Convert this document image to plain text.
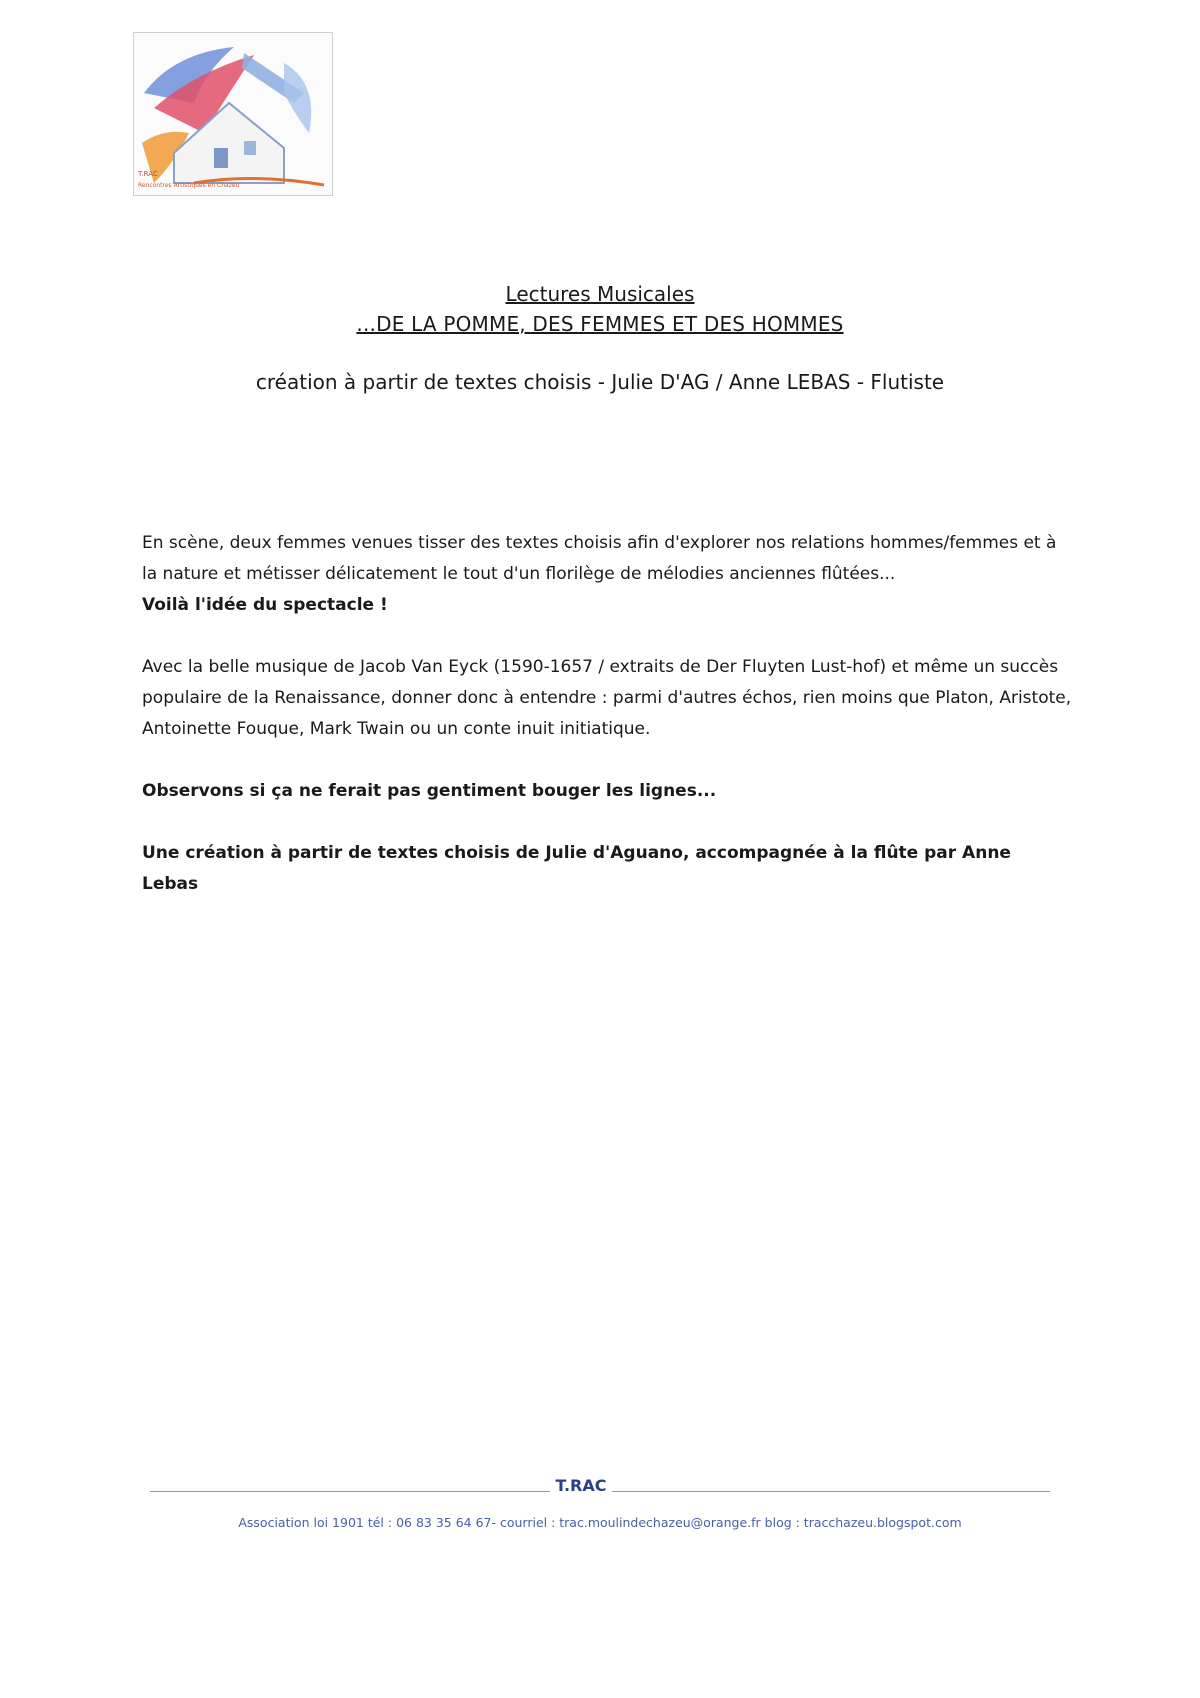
T.RAC
Rencontres Artistiques en Chazeu
Lectures Musicales
...DE LA POMME, DES FEMMES ET DES HOMMES
création à partir de textes choisis - Julie D'AG / Anne LEBAS - Flutiste

En scène, deux femmes venues tisser des textes choisis afin d'explorer nos relations hommes/femmes et à la nature et métisser délicatement le tout d'un florilège de mélodies anciennes flûtées...

Voilà l'idée du spectacle !

Avec la belle musique de Jacob Van Eyck (1590-1657 / extraits de Der Fluyten Lust-hof) et même un succès populaire de la Renaissance, donner donc à entendre : parmi d'autres échos, rien moins que Platon, Aristote, Antoinette Fouque, Mark Twain ou un conte inuit initiatique.

Observons si ça ne ferait pas gentiment bouger les lignes...

Une création à partir de textes choisis de Julie d'Aguano, accompagnée à la flûte par Anne Lebas

T.RAC
Association loi 1901 tél : 06 83 35 64 67- courriel : trac.moulindechazeu@orange.fr blog : tracchazeu.blogspot.com
